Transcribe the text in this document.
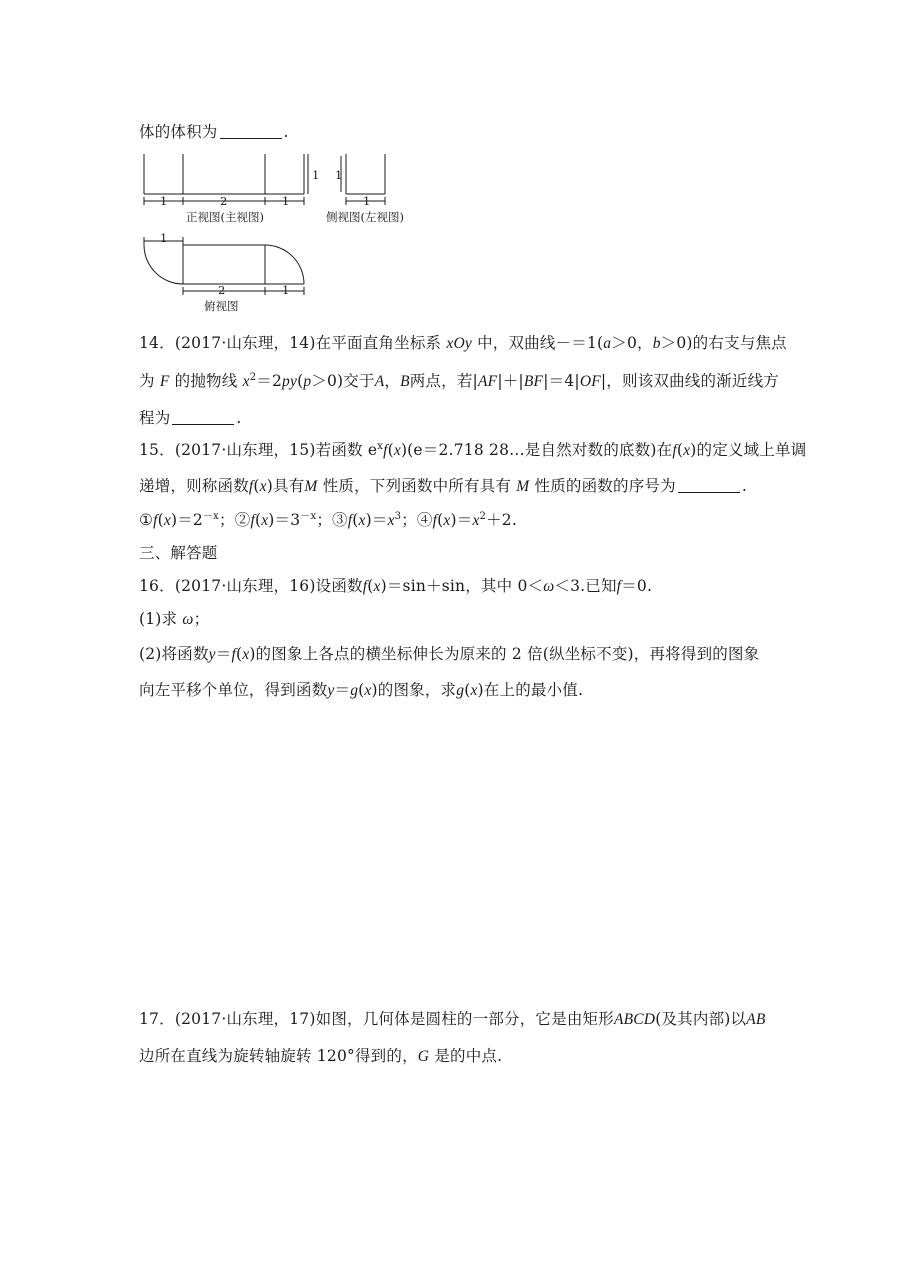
体的体积为	.
1	2	1
1
正视图(主视图)
1
1
侧视图(左视图)
1
2	1
俯视图
14．(2017·山东理，14)在平面直角坐标系 xOy 中，双曲线－＝1(a＞0，b＞0)的右支与焦点
为 F 的抛物线 $x^2=2py(p>0)$交于A，B两点，若|AF|＋|BF|＝4|OF|，则该双曲线的渐近线方
程为	.
15．(2017·山东理，15)若函数 $e^xf(x)(e=2.718$ 28…是自然对数的底数)在f(x)的定义域上单调
递增，则称函数f(x)具有M 性质，下列函数中所有具有 M 性质的函数的序号为	.
$①f(x)=2^{-x}$；$②f(x)=3^{-x}$；$③f(x)=x^3$；$④f(x)=x^2+2$.
三、解答题
16．(2017·山东理，16)设函数f(x)＝sin＋sin，其中 0＜ω＜3.已知f＝0.
(1)求 ω；
(2)将函数y＝f(x)的图象上各点的横坐标伸长为原来的 2 倍(纵坐标不变)，再将得到的图象
向左平移个单位，得到函数y＝g(x)的图象，求g(x)在上的最小值.
17．(2017·山东理，17)如图，几何体是圆柱的一部分，它是由矩形ABCD(及其内部)以AB
边所在直线为旋转轴旋转 120°得到的，G 是的中点.
